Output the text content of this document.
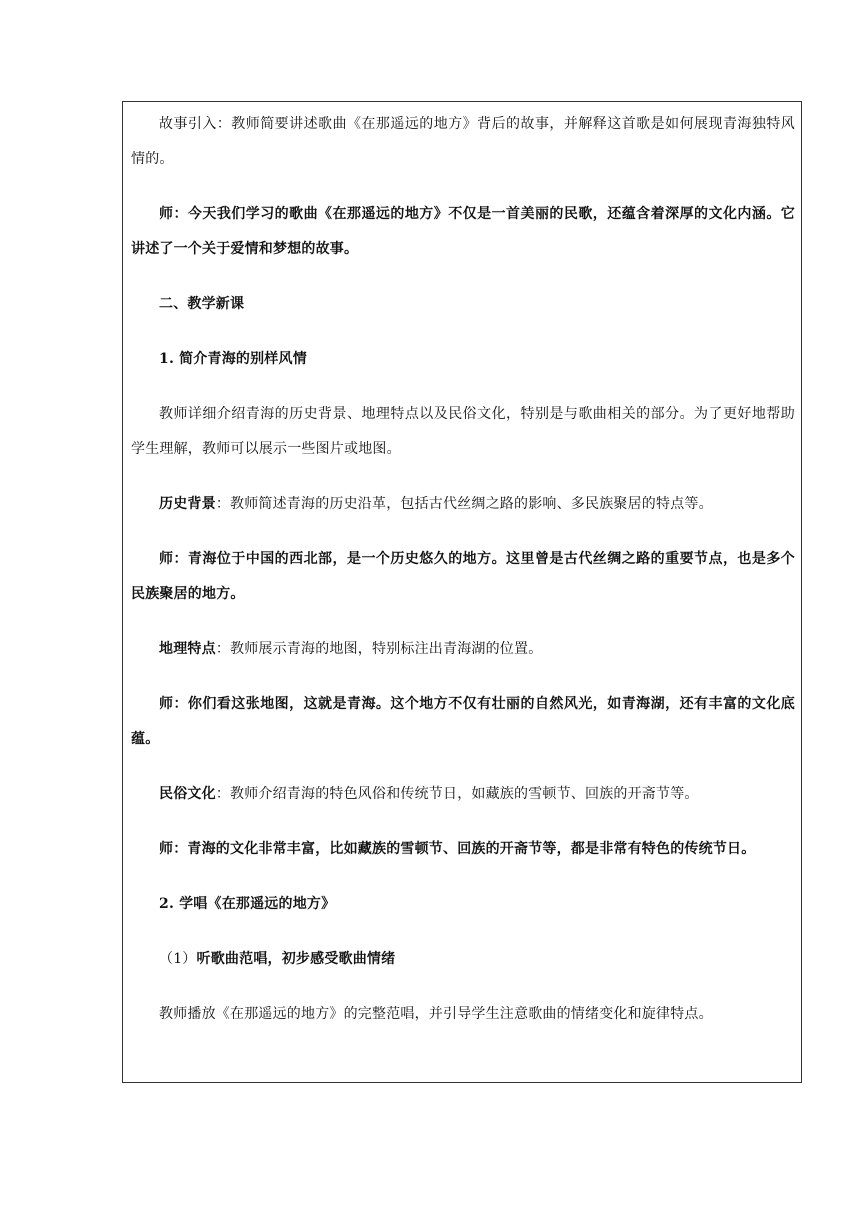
故事引入：教师简要讲述歌曲《在那遥远的地方》背后的故事，并解释这首歌是如何展现青海独特风情的。

师：今天我们学习的歌曲《在那遥远的地方》不仅是一首美丽的民歌，还蕴含着深厚的文化内涵。它讲述了一个关于爱情和梦想的故事。

二、教学新课

1. 简介青海的别样风情

教师详细介绍青海的历史背景、地理特点以及民俗文化，特别是与歌曲相关的部分。为了更好地帮助学生理解，教师可以展示一些图片或地图。

历史背景：教师简述青海的历史沿革，包括古代丝绸之路的影响、多民族聚居的特点等。

师：青海位于中国的西北部，是一个历史悠久的地方。这里曾是古代丝绸之路的重要节点，也是多个民族聚居的地方。

地理特点：教师展示青海的地图，特别标注出青海湖的位置。

师：你们看这张地图，这就是青海。这个地方不仅有壮丽的自然风光，如青海湖，还有丰富的文化底蕴。

民俗文化：教师介绍青海的特色风俗和传统节日，如藏族的雪顿节、回族的开斋节等。

师：青海的文化非常丰富，比如藏族的雪顿节、回族的开斋节等，都是非常有特色的传统节日。

2. 学唱《在那遥远的地方》

（1）听歌曲范唱，初步感受歌曲情绪

教师播放《在那遥远的地方》的完整范唱，并引导学生注意歌曲的情绪变化和旋律特点。
